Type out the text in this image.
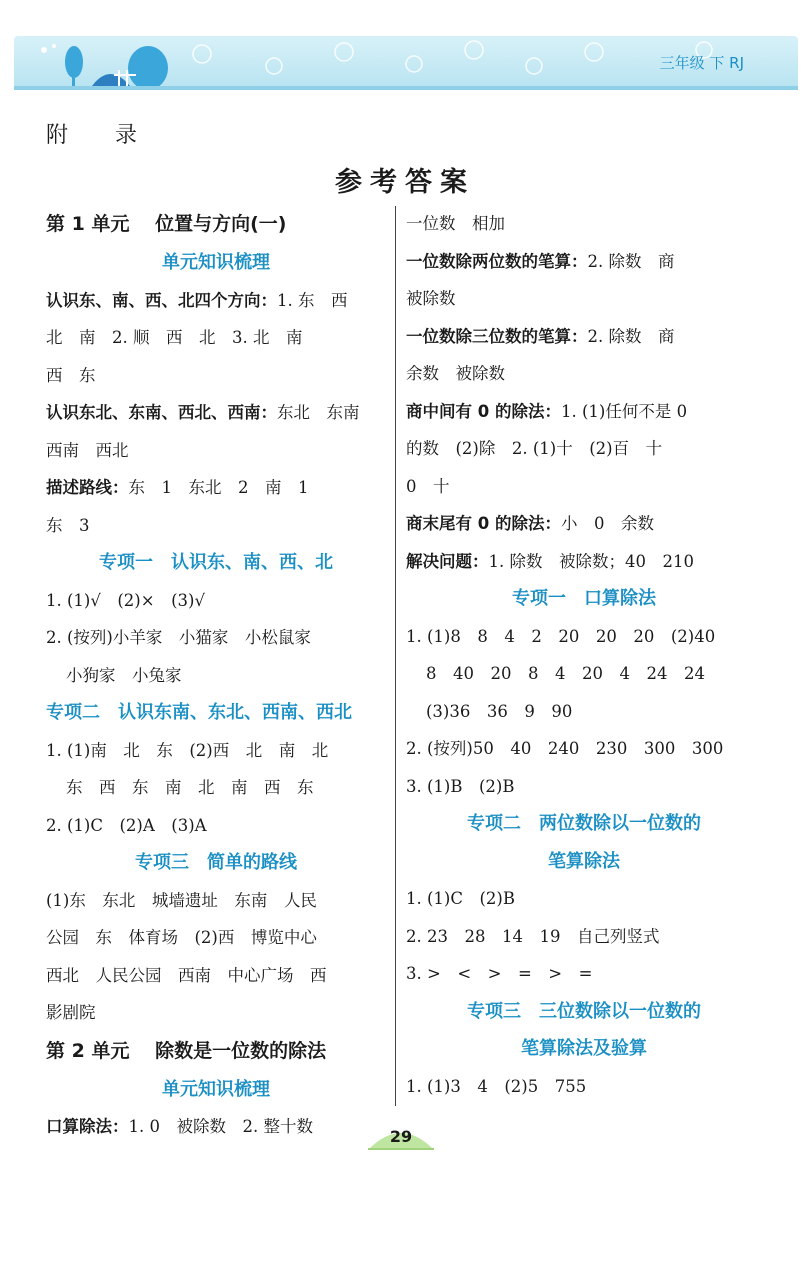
三年级 下 RJ
附 录
参考答案
第 1 单元　 位置与方向(一)
单元知识梳理
认识东、南、西、北四个方向：1. 东　西
北　南　2. 顺　西　北　3. 北　南
西　东
认识东北、东南、西北、西南：东北　东南
西南　西北
描述路线：东　1　东北　2　南　1
东　3
专项一　认识东、南、西、北
1. (1)√　(2)×　(3)√
2. (按列)小羊家　小猫家　小松鼠家
小狗家　小兔家
专项二　认识东南、东北、西南、西北
1. (1)南　北　东　(2)西　北　南　北
东　西　东　南　北　南　西　东
2. (1)C　(2)A　(3)A
专项三　简单的路线
(1)东　东北　城墙遗址　东南　人民
公园　东　体育场　(2)西　博览中心
西北　人民公园　西南　中心广场　西
影剧院
第 2 单元　 除数是一位数的除法
单元知识梳理
口算除法：1. 0　被除数　2. 整十数
一位数　相加
一位数除两位数的笔算：2. 除数　商
被除数
一位数除三位数的笔算：2. 除数　商
余数　被除数
商中间有 0 的除法：1. (1)任何不是 0
的数　(2)除　2. (1)十　(2)百　十
0　十
商末尾有 0 的除法：小　0　余数
解决问题：1. 除数　被除数；40　210
专项一　口算除法
1. (1)8　8　4　2　20　20　20　(2)40
8　40　20　8　4　20　4　24　24
(3)36　36　9　90
2. (按列)50　40　240　230　300　300
3. (1)B　(2)B
专项二　两位数除以一位数的
笔算除法
1. (1)C　(2)B
2. 23　28　14　19　自己列竖式
3. >　<　>　=　>　=
专项三　三位数除以一位数的
笔算除法及验算
1. (1)3　4　(2)5　755
29
